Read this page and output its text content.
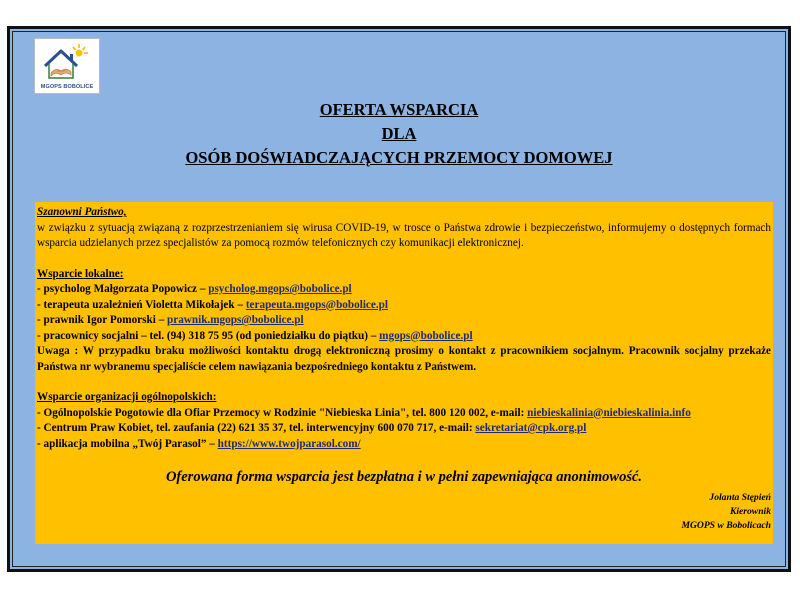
MGOPS BOBOLICE
OFERTA WSPARCIA
DLA
OSÓB DOŚWIADCZAJĄCYCH PRZEMOCY DOMOWEJ
Szanowni Państwo,
w związku z sytuacją związaną z rozprzestrzenianiem się wirusa COVID-19, w trosce o Państwa zdrowie i bezpieczeństwo, informujemy o dostępnych formach wsparcia udzielanych przez specjalistów za pomocą rozmów telefonicznych czy komunikacji elektronicznej.
Wsparcie lokalne:
- psycholog Małgorzata Popowicz – psycholog.mgops@bobolice.pl
- terapeuta uzależnień Violetta Mikołajek – terapeuta.mgops@bobolice.pl
- prawnik Igor Pomorski – prawnik.mgops@bobolice.pl
- pracownicy socjalni – tel. (94) 318 75 95 (od poniedziałku do piątku) – mgops@bobolice.pl
Uwaga : W przypadku braku możliwości kontaktu drogą elektroniczną prosimy o kontakt z pracownikiem socjalnym. Pracownik socjalny przekaże Państwa nr wybranemu specjaliście celem nawiązania bezpośredniego kontaktu z Państwem.
Wsparcie organizacji ogólnopolskich:
- Ogólnopolskie Pogotowie dla Ofiar Przemocy w Rodzinie "Niebieska Linia", tel. 800 120 002, e-mail: niebieskalinia@niebieskalinia.info
- Centrum Praw Kobiet, tel. zaufania (22) 621 35 37, tel. interwencyjny 600 070 717, e-mail: sekretariat@cpk.org.pl
- aplikacja mobilna „Twój Parasol” – https://www.twojparasol.com/
Oferowana forma wsparcia jest bezpłatna i w pełni zapewniająca anonimowość.
Jolanta Stępień
Kierownik
MGOPS w Bobolicach
